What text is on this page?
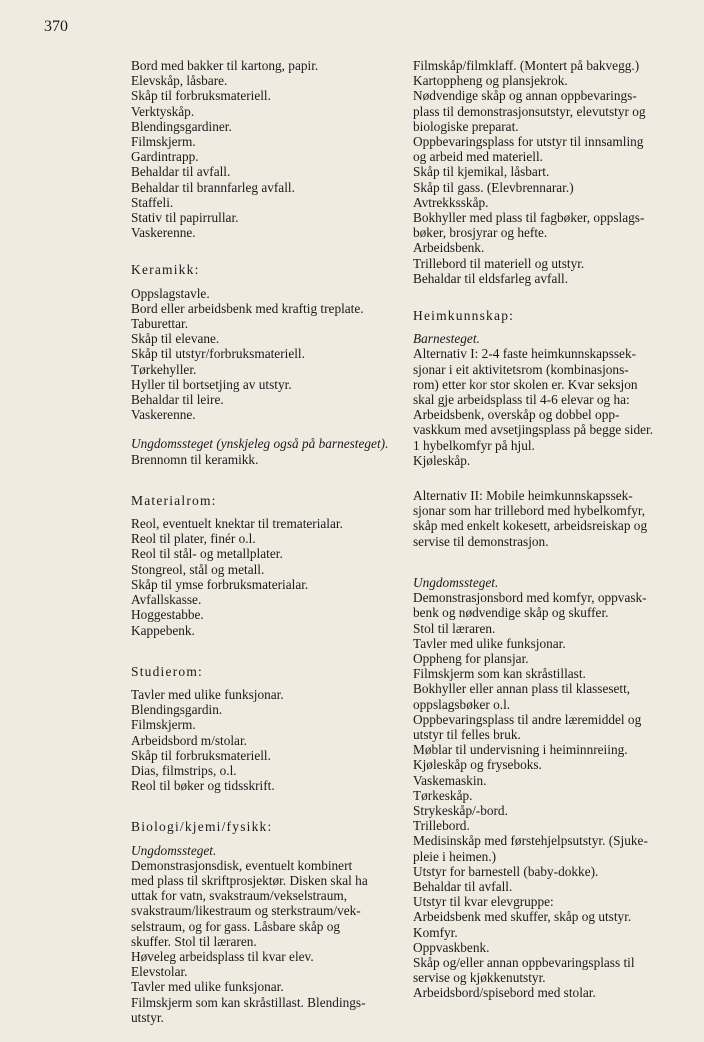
370
Bord med bakker til kartong, papir.
Elevskåp, låsbare.
Skåp til forbruksmateriell.
Verktyskåp.
Blendingsgardiner.
Filmskjerm.
Gardintrapp.
Behaldar til avfall.
Behaldar til brannfarleg avfall.
Staffeli.
Stativ til papirrullar.
Vaskerenne.
Keramikk:
Oppslagstavle.
Bord eller arbeidsbenk med kraftig treplate.
Taburettar.
Skåp til elevane.
Skåp til utstyr/forbruksmateriell.
Tørkehyller.
Hyller til bortsetjing av utstyr.
Behaldar til leire.
Vaskerenne.
Ungdomssteget (ynskjeleg også på barnesteget).
Brennomn til keramikk.
Materialrom:
Reol, eventuelt knektar til trematerialar.
Reol til plater, finér o.l.
Reol til stål- og metallplater.
Stongreol, stål og metall.
Skåp til ymse forbruksmaterialar.
Avfallskasse.
Hoggestabbe.
Kappebenk.
Studierom:
Tavler med ulike funksjonar.
Blendingsgardin.
Filmskjerm.
Arbeidsbord m/stolar.
Skåp til forbruksmateriell.
Dias, filmstrips, o.l.
Reol til bøker og tidsskrift.
Biologi/kjemi/fysikk:
Ungdomssteget.
Demonstrasjonsdisk, eventuelt kombinert
med plass til skriftprosjektør. Disken skal ha
uttak for vatn, svakstraum/vekselstraum,
svakstraum/likestraum og sterkstraum/vek-
selstraum, og for gass. Låsbare skåp og
skuffer. Stol til læraren.
Høveleg arbeidsplass til kvar elev.
Elevstolar.
Tavler med ulike funksjonar.
Filmskjerm som kan skråstillast. Blendings-
utstyr.
Filmskåp/filmklaff. (Montert på bakvegg.)
Kartoppheng og plansjekrok.
Nødvendige skåp og annan oppbevarings-
plass til demonstrasjonsutstyr, elevutstyr og
biologiske preparat.
Oppbevaringsplass for utstyr til innsamling
og arbeid med materiell.
Skåp til kjemikal, låsbart.
Skåp til gass. (Elevbrennarar.)
Avtrekksskåp.
Bokhyller med plass til fagbøker, oppslags-
bøker, brosjyrar og hefte.
Arbeidsbenk.
Trillebord til materiell og utstyr.
Behaldar til eldsfarleg avfall.
Heimkunnskap:
Barnesteget.
Alternativ I: 2-4 faste heimkunnskapssek-
sjonar i eit aktivitetsrom (kombinasjons-
rom) etter kor stor skolen er. Kvar seksjon
skal gje arbeidsplass til 4-6 elevar og ha:
Arbeidsbenk, overskåp og dobbel opp-
vaskkum med avsetjingsplass på begge sider.
1 hybelkomfyr på hjul.
Kjøleskåp.
Alternativ II: Mobile heimkunnskapssek-
sjonar som har trillebord med hybelkomfyr,
skåp med enkelt kokesett, arbeidsreiskap og
servise til demonstrasjon.
Ungdomssteget.
Demonstrasjonsbord med komfyr, oppvask-
benk og nødvendige skåp og skuffer.
Stol til læraren.
Tavler med ulike funksjonar.
Oppheng for plansjar.
Filmskjerm som kan skråstillast.
Bokhyller eller annan plass til klassesett,
oppslagsbøker o.l.
Oppbevaringsplass til andre læremiddel og
utstyr til felles bruk.
Møblar til undervisning i heiminnreiing.
Kjøleskåp og fryseboks.
Vaskemaskin.
Tørkeskåp.
Strykeskåp/-bord.
Trillebord.
Medisinskåp med førstehjelpsutstyr. (Sjuke-
pleie i heimen.)
Utstyr for barnestell (baby-dokke).
Behaldar til avfall.
Utstyr til kvar elevgruppe:
Arbeidsbenk med skuffer, skåp og utstyr.
Komfyr.
Oppvaskbenk.
Skåp og/eller annan oppbevaringsplass til
servise og kjøkkenutstyr.
Arbeidsbord/spisebord med stolar.
